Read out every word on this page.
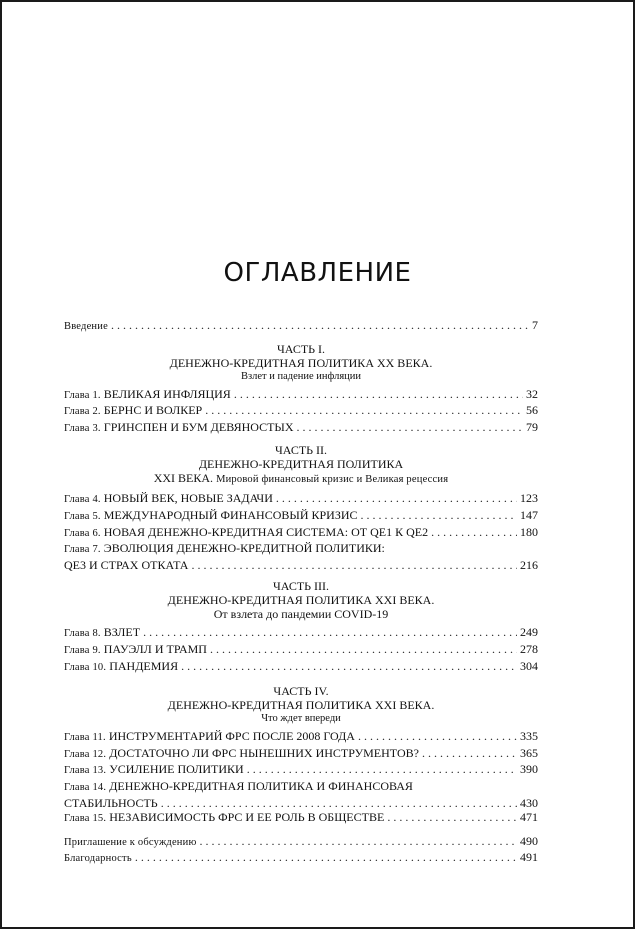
ОГЛАВЛЕНИЕ
Введение . . .	7
ЧАСТЬ I.
ДЕНЕЖНО-КРЕДИТНАЯ ПОЛИТИКА XX ВЕКА.
Взлет и падение инфляции
Глава 1. ВЕЛИКАЯ ИНФЛЯЦИЯ . . .	32
Глава 2. БЕРНС И ВОЛКЕР . . .	56
Глава 3. ГРИНСПЕН И БУМ ДЕВЯНОСТЫХ . . .	79
ЧАСТЬ II.
ДЕНЕЖНО-КРЕДИТНАЯ ПОЛИТИКА
XXI ВЕКА. Мировой финансовый кризис и Великая рецессия
Глава 4. НОВЫЙ ВЕК, НОВЫЕ ЗАДАЧИ . . .	123
Глава 5. МЕЖДУНАРОДНЫЙ ФИНАНСОВЫЙ КРИЗИС . . .	147
Глава 6. НОВАЯ ДЕНЕЖНО-КРЕДИТНАЯ СИСТЕМА: ОТ QE1 К QE2 . . .	180
Глава 7. ЭВОЛЮЦИЯ ДЕНЕЖНО-КРЕДИТНОЙ ПОЛИТИКИ:
QE3 И СТРАХ ОТКАТА . . .	216
ЧАСТЬ III.
ДЕНЕЖНО-КРЕДИТНАЯ ПОЛИТИКА XXI ВЕКА.
От взлета до пандемии COVID-19
Глава 8. ВЗЛЕТ . . .	249
Глава 9. ПАУЭЛЛ И ТРАМП . . .	278
Глава 10. ПАНДЕМИЯ . . .	304
ЧАСТЬ IV.
ДЕНЕЖНО-КРЕДИТНАЯ ПОЛИТИКА XXI ВЕКА.
Что ждет впереди
Глава 11. ИНСТРУМЕНТАРИЙ ФРС ПОСЛЕ 2008 ГОДА . . .	335
Глава 12. ДОСТАТОЧНО ЛИ ФРС НЫНЕШНИХ ИНСТРУМЕНТОВ? . . .	365
Глава 13. УСИЛЕНИЕ ПОЛИТИКИ . . .	390
Глава 14. ДЕНЕЖНО-КРЕДИТНАЯ ПОЛИТИКА И ФИНАНСОВАЯ
СТАБИЛЬНОСТЬ . . .	430
Глава 15. НЕЗАВИСИМОСТЬ ФРС И ЕЕ РОЛЬ В ОБЩЕСТВЕ . . .	471
Приглашение к обсуждению . . .	490
Благодарность . . .	491
